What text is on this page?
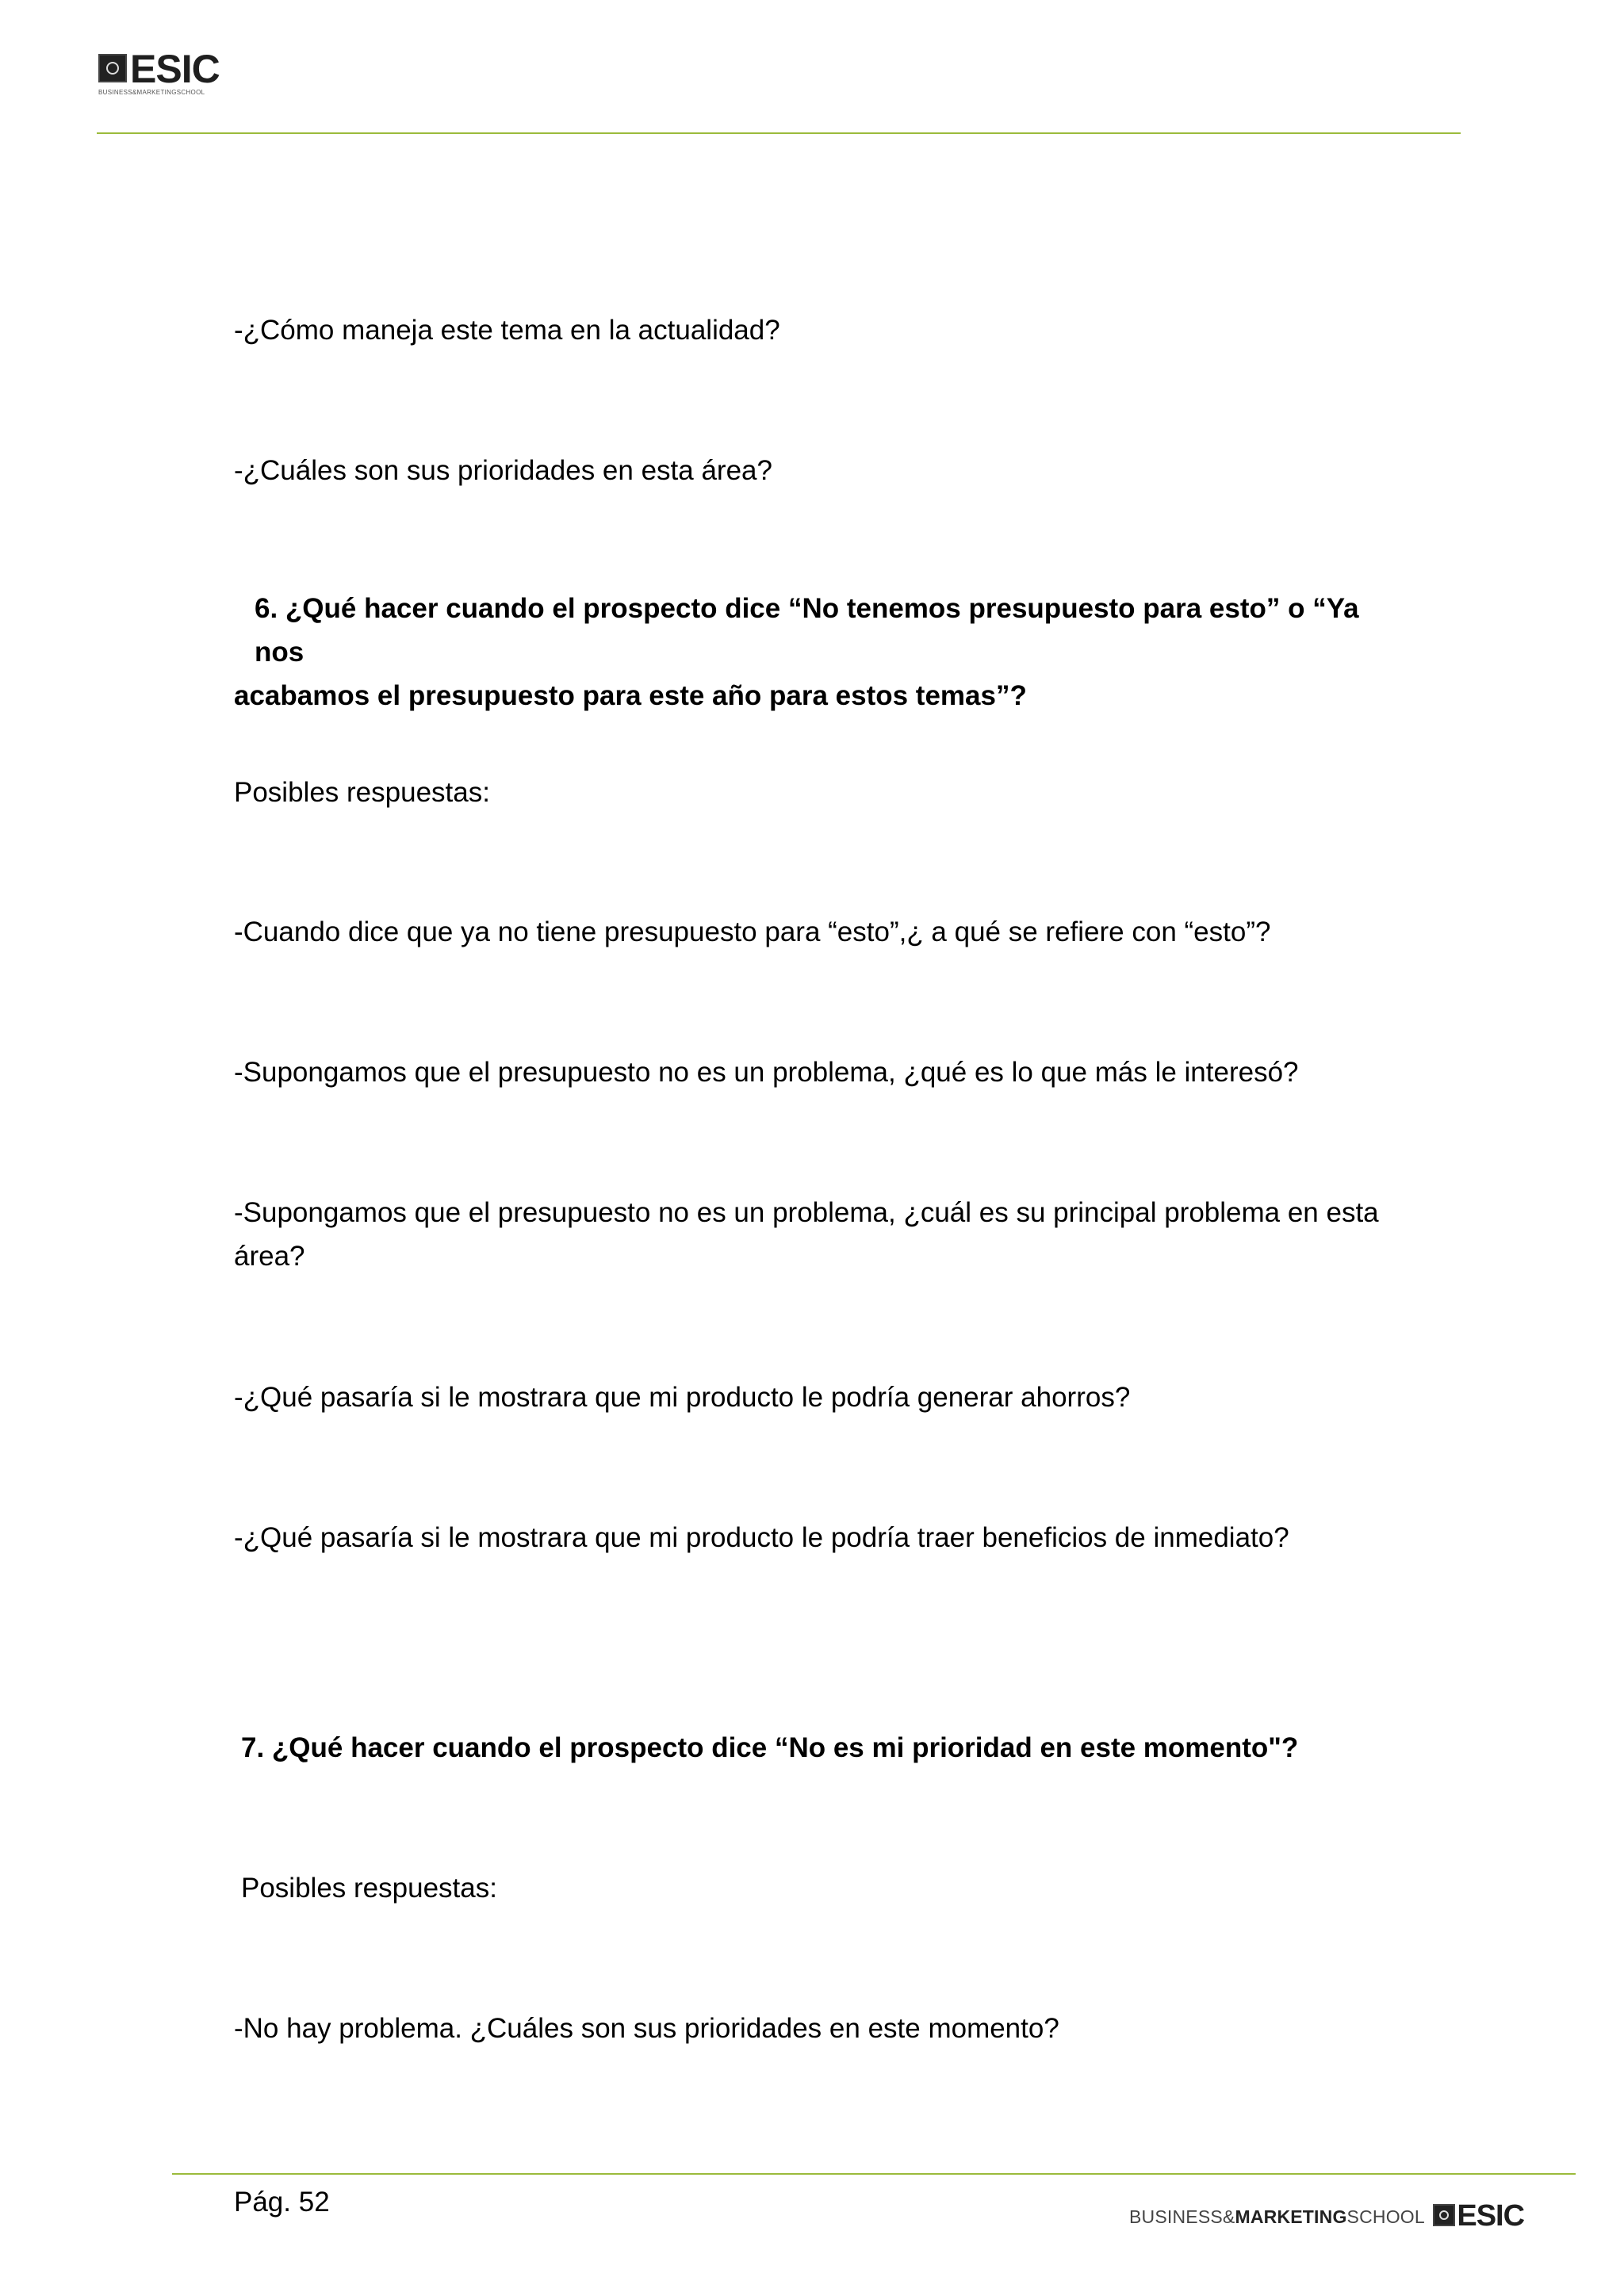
ESIC
BUSINESS&MARKETINGSCHOOL

-¿Cómo maneja este tema en la actualidad?

-¿Cuáles son sus prioridades en esta área?

6. ¿Qué hacer cuando el prospecto dice “No tenemos presupuesto para esto” o “Ya nos
acabamos el presupuesto para este año para estos temas”?

Posibles respuestas:

-Cuando dice que ya no tiene presupuesto para “esto”,¿ a qué se refiere con “esto”?

-Supongamos que el presupuesto no es un problema, ¿qué es lo que más le interesó?

-Supongamos que el presupuesto no es un problema, ¿cuál es su principal problema en esta
área?

-¿Qué pasaría si le mostrara que mi producto le podría generar ahorros?

-¿Qué pasaría si le mostrara que mi producto le podría traer beneficios de inmediato?

7. ¿Qué hacer cuando el prospecto dice “No es mi prioridad en este momento"?

Posibles respuestas:

-No hay problema. ¿Cuáles son sus prioridades en este momento?

Pág. 52	BUSINESS&MARKETINGSCHOOL ESIC
